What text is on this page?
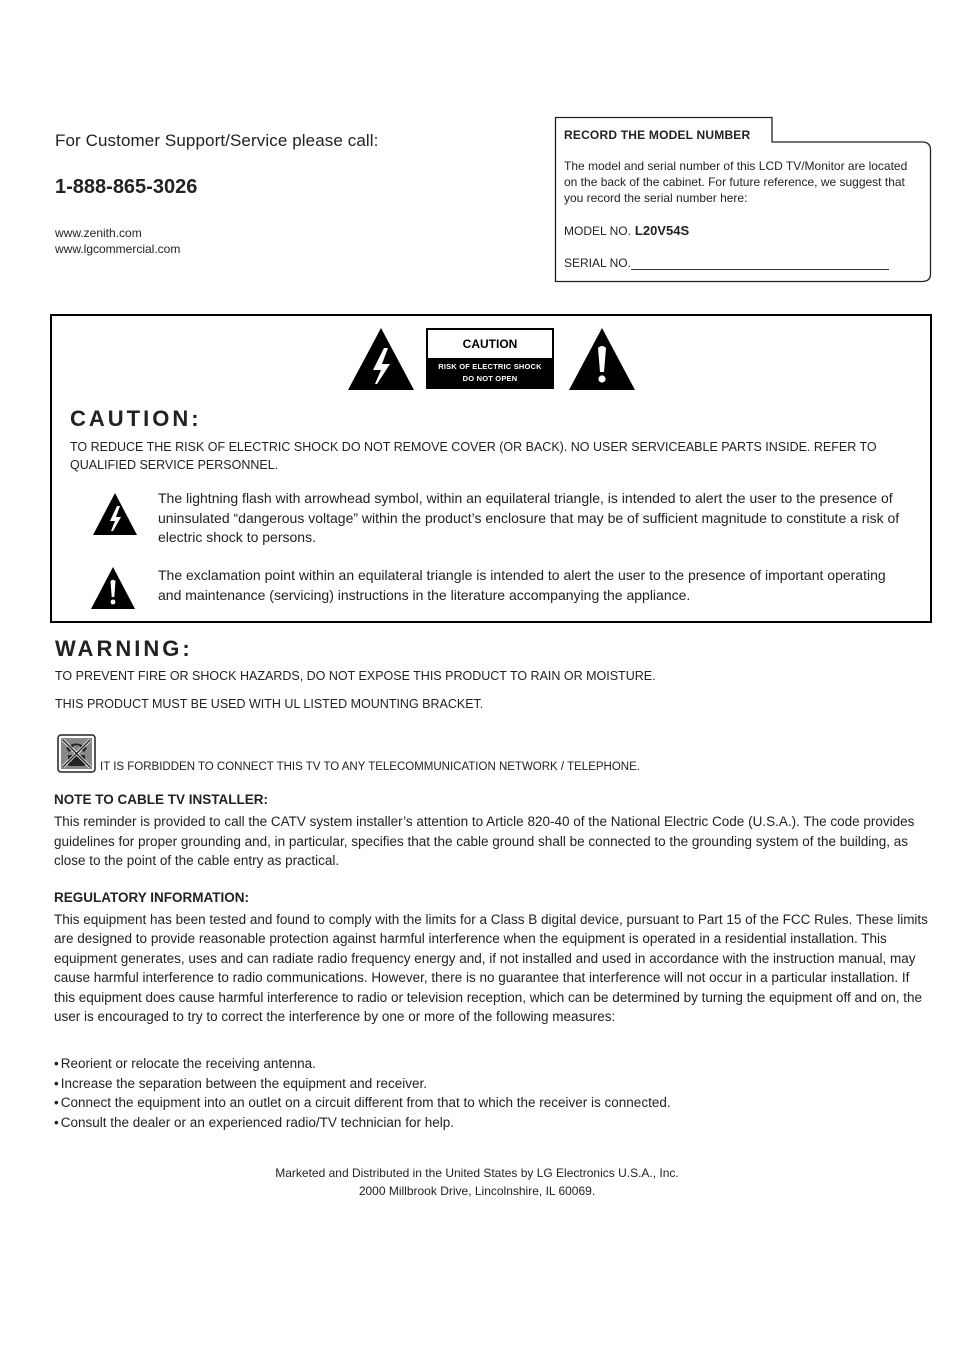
For Customer Support/Service please call:
1-888-865-3026
www.zenith.com
www.lgcommercial.com
RECORD THE MODEL NUMBER
The model and serial number of this LCD TV/Monitor are located on the back of the cabinet. For future reference, we suggest that you record the serial number here:
MODEL NO. L20V54S
SERIAL NO.
CAUTION
RISK OF ELECTRIC SHOCK
DO NOT OPEN
CAUTION:
TO REDUCE THE RISK OF ELECTRIC SHOCK DO NOT REMOVE COVER (OR BACK). NO USER SERVICEABLE PARTS INSIDE. REFER TO QUALIFIED SERVICE PERSONNEL.
The lightning flash with arrowhead symbol, within an equilateral triangle, is intended to alert the user to the presence of uninsulated “dangerous voltage” within the product’s enclosure that may be of sufficient magnitude to constitute a risk of electric shock to persons.
The exclamation point within an equilateral triangle is intended to alert the user to the presence of important operating and maintenance (servicing) instructions in the literature accompanying the appliance.
WARNING:
TO PREVENT FIRE OR SHOCK HAZARDS, DO NOT EXPOSE THIS PRODUCT TO RAIN OR MOISTURE.
THIS PRODUCT MUST BE USED WITH UL LISTED MOUNTING BRACKET.
IT IS FORBIDDEN TO CONNECT THIS TV TO ANY TELECOMMUNICATION NETWORK / TELEPHONE.
NOTE TO CABLE TV INSTALLER:
This reminder is provided to call the CATV system installer’s attention to Article 820-40 of the National Electric Code (U.S.A.). The code provides guidelines for proper grounding and, in particular, specifies that the cable ground shall be connected to the grounding system of the building, as close to the point of the cable entry as practical.
REGULATORY INFORMATION:
This equipment has been tested and found to comply with the limits for a Class B digital device, pursuant to Part 15 of the FCC Rules. These limits are designed to provide reasonable protection against harmful interference when the equipment is operated in a residential installation. This equipment generates, uses and can radiate radio frequency energy and, if not installed and used in accordance with the instruction manual, may cause harmful interference to radio communications. However, there is no guarantee that interference will not occur in a particular installation. If this equipment does cause harmful interference to radio or television reception, which can be determined by turning the equipment off and on, the user is encouraged to try to correct the interference by one or more of the following measures:
• Reorient or relocate the receiving antenna.
• Increase the separation between the equipment and receiver.
• Connect the equipment into an outlet on a circuit different from that to which the receiver is connected.
• Consult the dealer or an experienced radio/TV technician for help.
Marketed and Distributed in the United States by LG Electronics U.S.A., Inc.
2000 Millbrook Drive, Lincolnshire, IL 60069.
